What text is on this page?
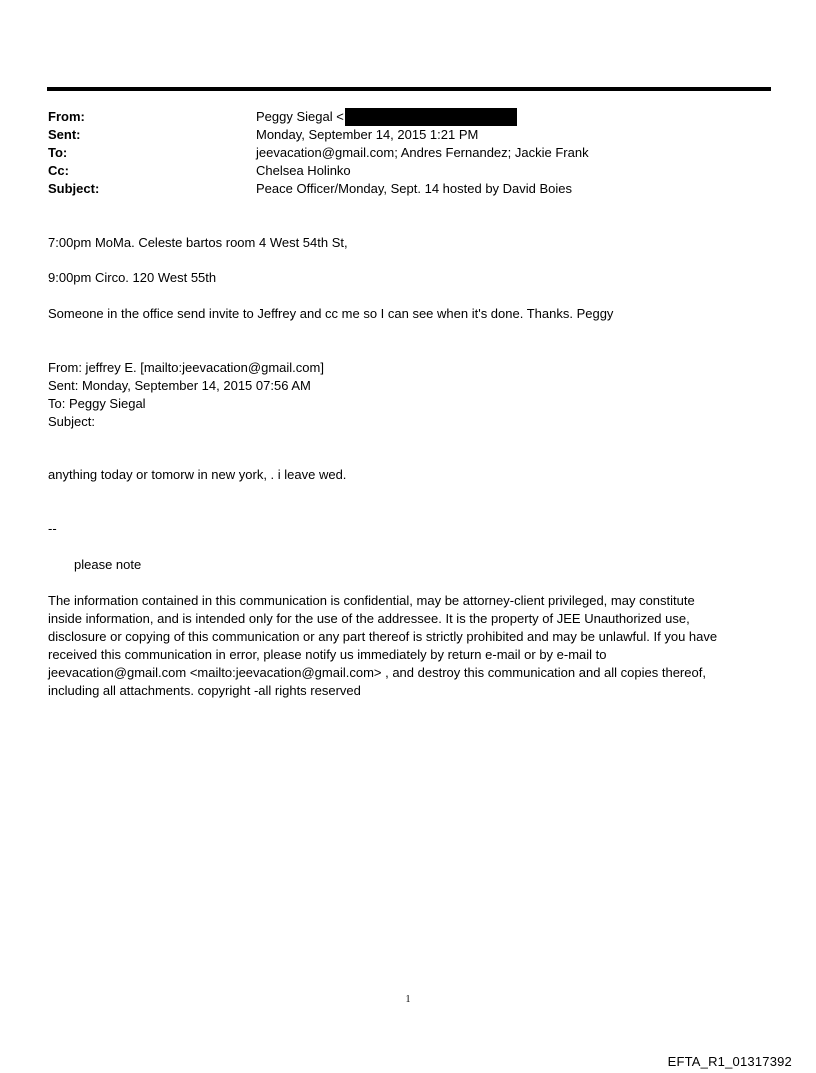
From:	Peggy Siegal <
Sent:	Monday, September 14, 2015 1:21 PM
To:	jeevacation@gmail.com; Andres Fernandez; Jackie Frank
Cc:	Chelsea Holinko
Subject:	Peace Officer/Monday, Sept. 14 hosted by David Boies
7:00pm MoMa. Celeste bartos room 4 West 54th St,
9:00pm Circo. 120 West 55th
Someone in the office send invite to Jeffrey and cc me so I can see when it's done. Thanks. Peggy
From: jeffrey E. [mailto:jeevacation@gmail.com]
Sent: Monday, September 14, 2015 07:56 AM
To: Peggy Siegal
Subject:
anything today or tomorw in new york, . i leave wed.
--
please note
The information contained in this communication is confidential, may be attorney-client privileged, may constitute
inside information, and is intended only for the use of the addressee. It is the property of JEE Unauthorized use,
disclosure or copying of this communication or any part thereof is strictly prohibited and may be unlawful. If you have
received this communication in error, please notify us immediately by return e-mail or by e-mail to
jeevacation@gmail.com <mailto:jeevacation@gmail.com> , and destroy this communication and all copies thereof,
including all attachments. copyright -all rights reserved
1
EFTA_R1_01317392
